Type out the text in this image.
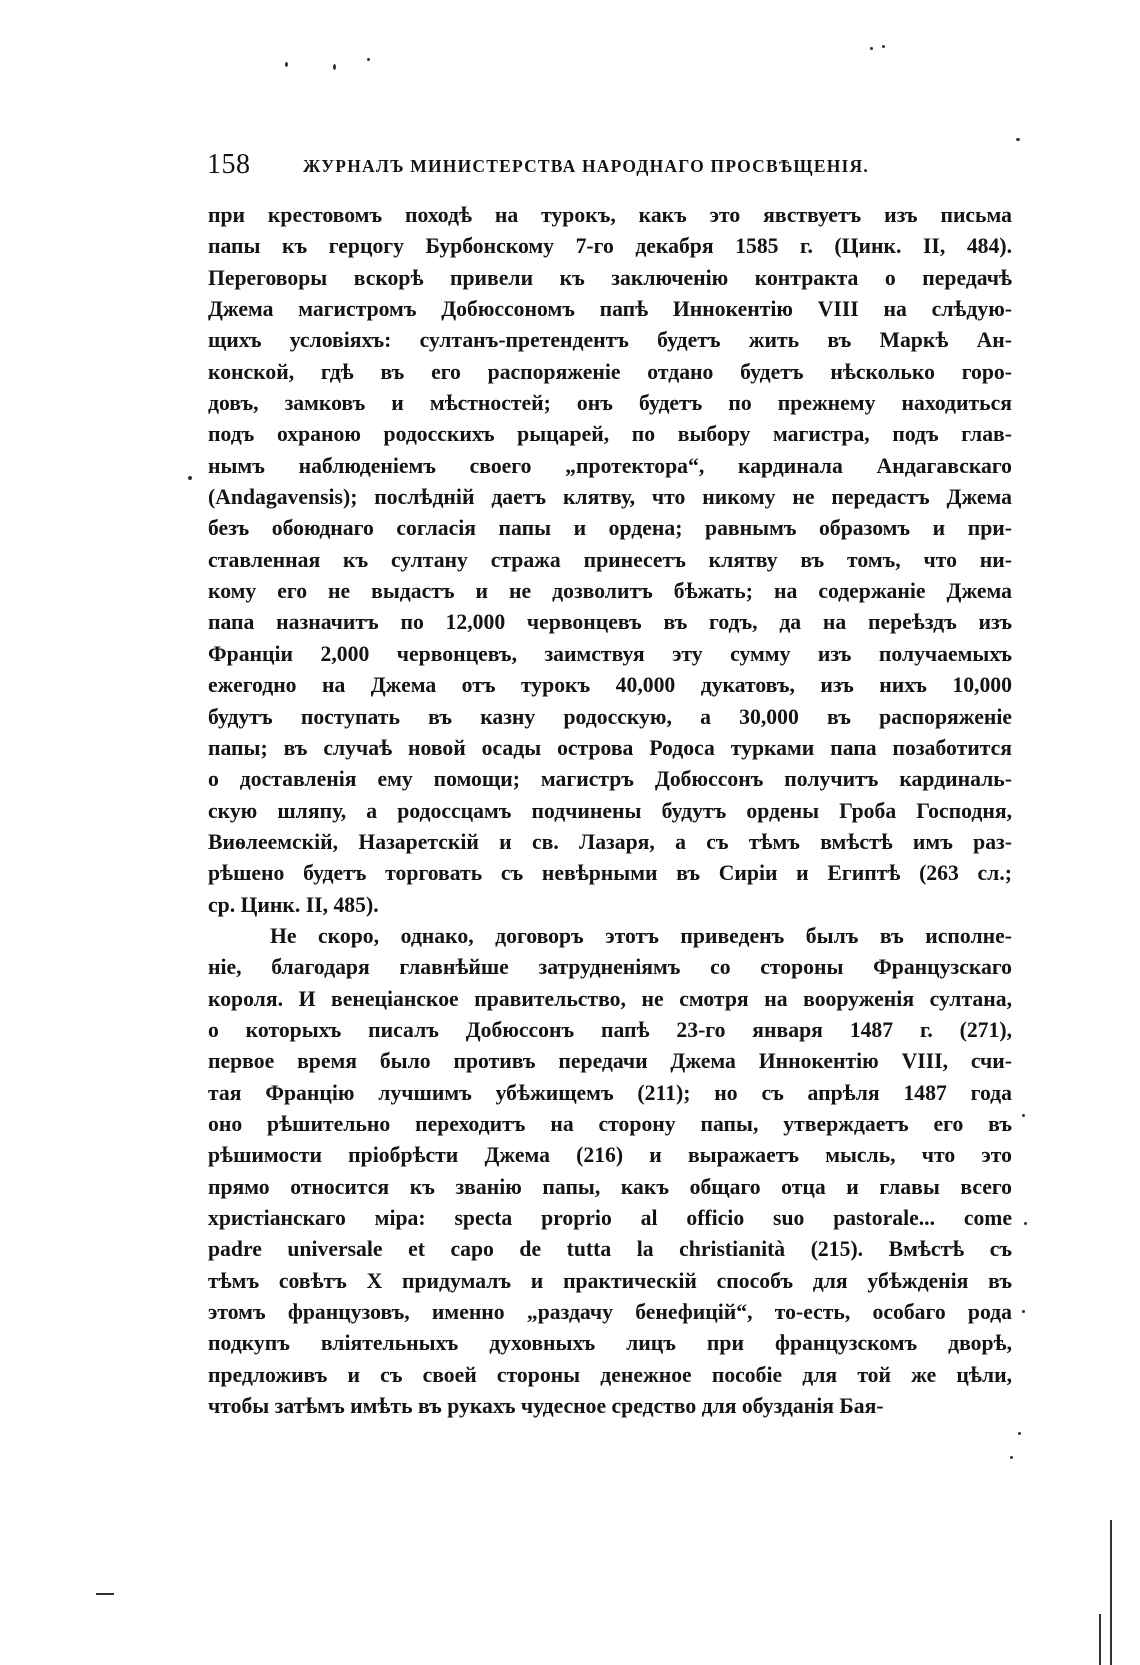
158	ЖУРНАЛЪ МИНИСТЕРСТВА НАРОДНАГО ПРОСВѢЩЕНІЯ.
при крестовомъ походѣ на турокъ, какъ это явствуетъ изъ письма
папы къ герцогу Бурбонскому 7-го декабря 1585 г. (Цинк. II, 484).
Переговоры вскорѣ привели къ заключенію контракта о передачѣ
Джема магистромъ Добюссономъ папѣ Иннокентію VIII на слѣдую-
щихъ условіяхъ: султанъ-претендентъ будетъ жить въ Маркѣ Ан-
конской, гдѣ въ его распоряженіе отдано будетъ нѣсколько горо-
довъ, замковъ и мѣстностей; онъ будетъ по прежнему находиться
подъ охраною родосскихъ рыцарей, по выбору магистра, подъ глав-
нымъ наблюденіемъ своего „протектора“, кардинала Андагавскаго
(Andagavensis); послѣдній даетъ клятву, что никому не передастъ Джема
безъ обоюднаго согласія папы и ордена; равнымъ образомъ и при-
ставленная къ султану стража принесетъ клятву въ томъ, что ни-
кому его не выдастъ и не дозволитъ бѣжать; на содержаніе Джема
папа назначитъ по 12,000 червонцевъ въ годъ, да на переѣздъ изъ
Франціи 2,000 червонцевъ, заимствуя эту сумму изъ получаемыхъ
ежегодно на Джема отъ турокъ 40,000 дукатовъ, изъ нихъ 10,000
будутъ поступать въ казну родосскую, а 30,000 въ распоряженіе
папы; въ случаѣ новой осады острова Родоса турками папа позаботится
о доставленія ему помощи; магистръ Добюссонъ получитъ кардиналь-
скую шляпу, а родоссцамъ подчинены будутъ ордены Гроба Господня,
Виѳлеемскій, Назаретскій и св. Лазаря, а съ тѣмъ вмѣстѣ имъ раз-
рѣшено будетъ торговать съ невѣрными въ Сиріи и Египтѣ (263 сл.;
ср. Цинк. II, 485).
Не скоро, однако, договоръ этотъ приведенъ былъ въ исполне-
ніе, благодаря главнѣйше затрудненіямъ со стороны Французскаго
короля. И венеціанское правительство, не смотря на вооруженія султана,
о которыхъ писалъ Добюссонъ папѣ 23-го января 1487 г. (271),
первое время было противъ передачи Джема Иннокентію VIII, счи-
тая Францію лучшимъ убѣжищемъ (211); но съ апрѣля 1487 года
оно рѣшительно переходитъ на сторону папы, утверждаетъ его въ
рѣшимости пріобрѣсти Джема (216) и выражаетъ мысль, что это
прямо относится къ званію папы, какъ общаго отца и главы всего
христіанскаго міра: specta proprio al officio suo pastorale... come
padre universale et capo de tutta la christianità (215). Вмѣстѣ съ
тѣмъ совѣтъ X придумалъ и практическій способъ для убѣжденія въ
этомъ французовъ, именно „раздачу бенефицій“, то-есть, особаго рода
подкупъ вліятельныхъ духовныхъ лицъ при французскомъ дворѣ,
предложивъ и съ своей стороны денежное пособіе для той же цѣли,
чтобы затѣмъ имѣть въ рукахъ чудесное средство для обузданія Бая-
